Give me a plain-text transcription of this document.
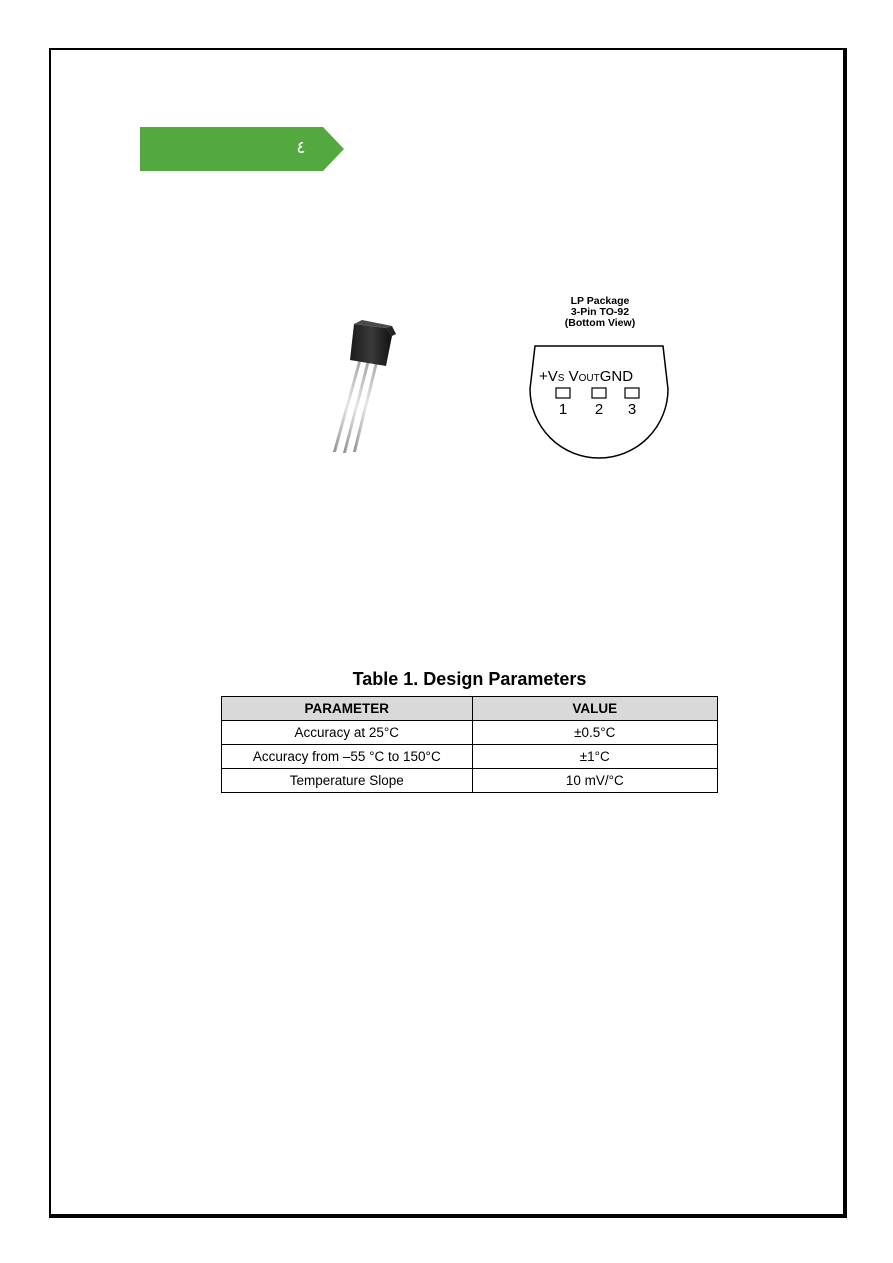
٤
LP Package
3-Pin TO-92
(Bottom View)
+VS VOUTGND
1 2 3
Table 1. Design Parameters
PARAMETER	VALUE
Accuracy at 25°C	±0.5°C
Accuracy from –55 °C to 150°C	±1°C
Temperature Slope	10 mV/°C
